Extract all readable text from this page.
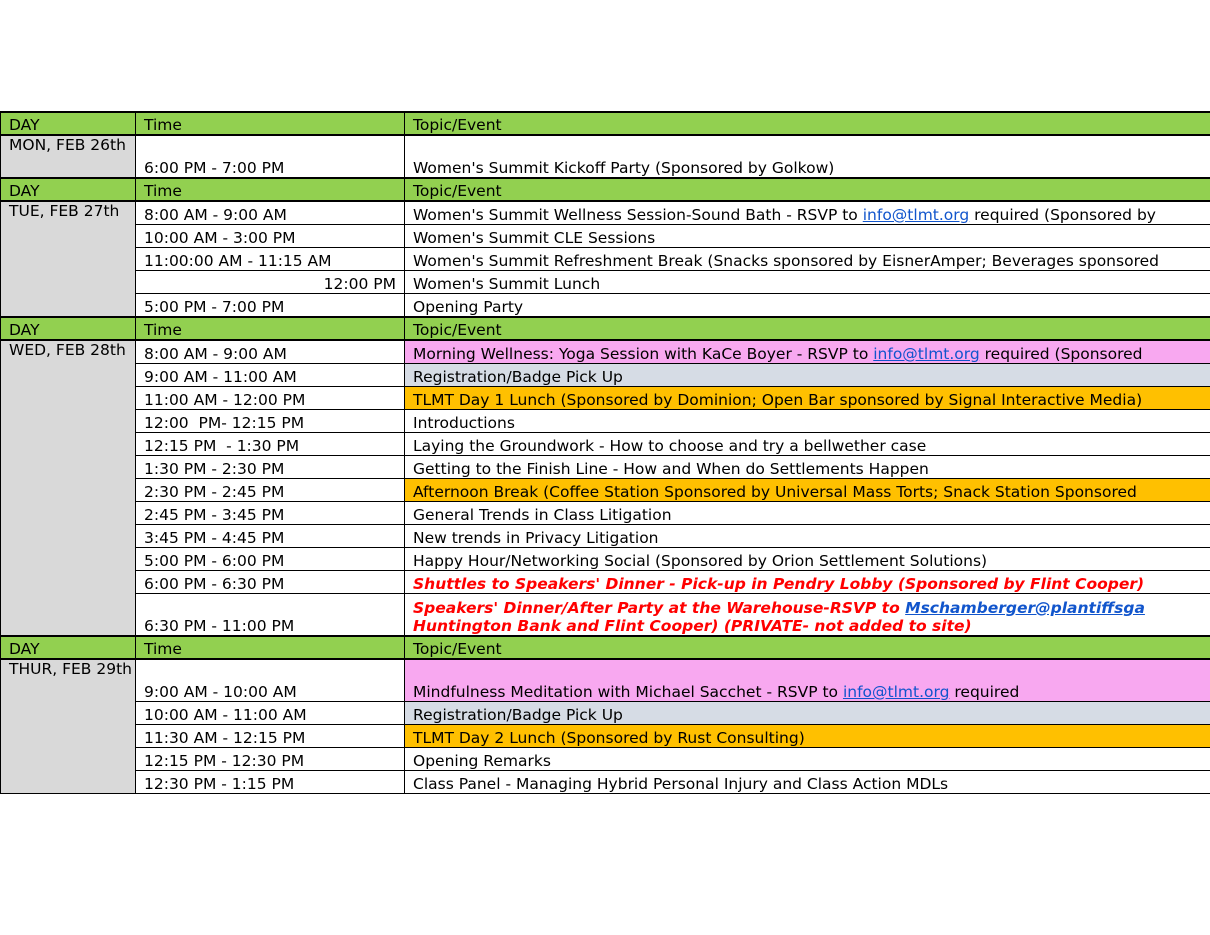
DAY	Time	Topic/Event
MON, FEB 26th	6:00 PM - 7:00 PM	Women's Summit Kickoff Party (Sponsored by Golkow)
DAY	Time	Topic/Event
TUE, FEB 27th	8:00 AM - 9:00 AM	Women's Summit Wellness Session-Sound Bath - RSVP to info@tlmt.org required (Sponsored by
	10:00 AM - 3:00 PM	Women's Summit CLE Sessions
	11:00:00 AM - 11:15 AM	Women's Summit Refreshment Break (Snacks sponsored by EisnerAmper; Beverages sponsored
	12:00 PM	Women's Summit Lunch
	5:00 PM - 7:00 PM	Opening Party
DAY	Time	Topic/Event
WED, FEB 28th	8:00 AM - 9:00 AM	Morning Wellness: Yoga Session with KaCe Boyer - RSVP to info@tlmt.org required (Sponsored
	9:00 AM - 11:00 AM	Registration/Badge Pick Up
	11:00 AM - 12:00 PM	TLMT Day 1 Lunch (Sponsored by Dominion; Open Bar sponsored by Signal Interactive Media)
	12:00  PM- 12:15 PM	Introductions
	12:15 PM  - 1:30 PM	Laying the Groundwork - How to choose and try a bellwether case
	1:30 PM - 2:30 PM	Getting to the Finish Line - How and When do Settlements Happen
	2:30 PM - 2:45 PM	Afternoon Break (Coffee Station Sponsored by Universal Mass Torts; Snack Station Sponsored
	2:45 PM - 3:45 PM	General Trends in Class Litigation
	3:45 PM - 4:45 PM	New trends in Privacy Litigation
	5:00 PM - 6:00 PM	Happy Hour/Networking Social (Sponsored by Orion Settlement Solutions)
	6:00 PM - 6:30 PM	Shuttles to Speakers' Dinner - Pick-up in Pendry Lobby (Sponsored by Flint Cooper)
	6:30 PM - 11:00 PM	Speakers' Dinner/After Party at the Warehouse-RSVP to Mschamberger@plantiffsga
Huntington Bank and Flint Cooper) (PRIVATE- not added to site)

DAY	Time	Topic/Event
THUR, FEB 29th	9:00 AM - 10:00 AM	Mindfulness Meditation with Michael Sacchet - RSVP to info@tlmt.org required
	10:00 AM - 11:00 AM	Registration/Badge Pick Up
	11:30 AM - 12:15 PM	TLMT Day 2 Lunch (Sponsored by Rust Consulting)
	12:15 PM - 12:30 PM	Opening Remarks
	12:30 PM - 1:15 PM	Class Panel - Managing Hybrid Personal Injury and Class Action MDLs
